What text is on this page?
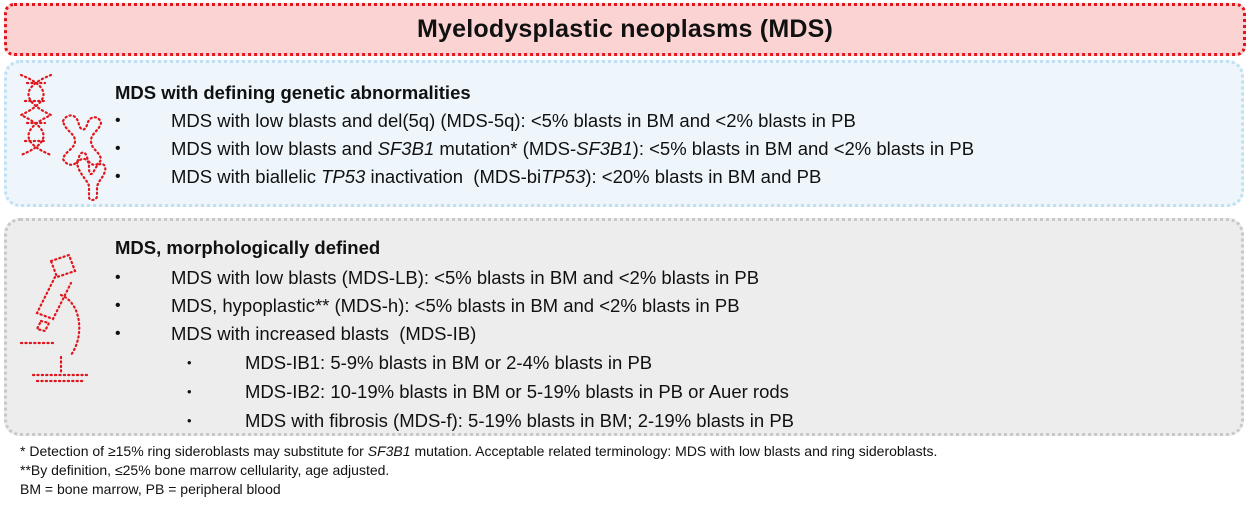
Myelodysplastic neoplasms (MDS)
MDS with defining genetic abnormalities
•	MDS with low blasts and del(5q) (MDS-5q): <5% blasts in BM and <2% blasts in PB
•	MDS with low blasts and SF3B1 mutation* (MDS-SF3B1): <5% blasts in BM and <2% blasts in PB
•	MDS with biallelic TP53 inactivation  (MDS-biTP53): <20% blasts in BM and PB
MDS, morphologically defined
•	MDS with low blasts (MDS-LB): <5% blasts in BM and <2% blasts in PB
•	MDS, hypoplastic** (MDS-h): <5% blasts in BM and <2% blasts in PB
•	MDS with increased blasts  (MDS-IB)
•	MDS-IB1: 5-9% blasts in BM or 2-4% blasts in PB
•	MDS-IB2: 10-19% blasts in BM or 5-19% blasts in PB or Auer rods
•	MDS with fibrosis (MDS-f): 5-19% blasts in BM; 2-19% blasts in PB
* Detection of ≥15% ring sideroblasts may substitute for SF3B1 mutation. Acceptable related terminology: MDS with low blasts and ring sideroblasts.
**By definition, ≤25% bone marrow cellularity, age adjusted.
BM = bone marrow, PB = peripheral blood
